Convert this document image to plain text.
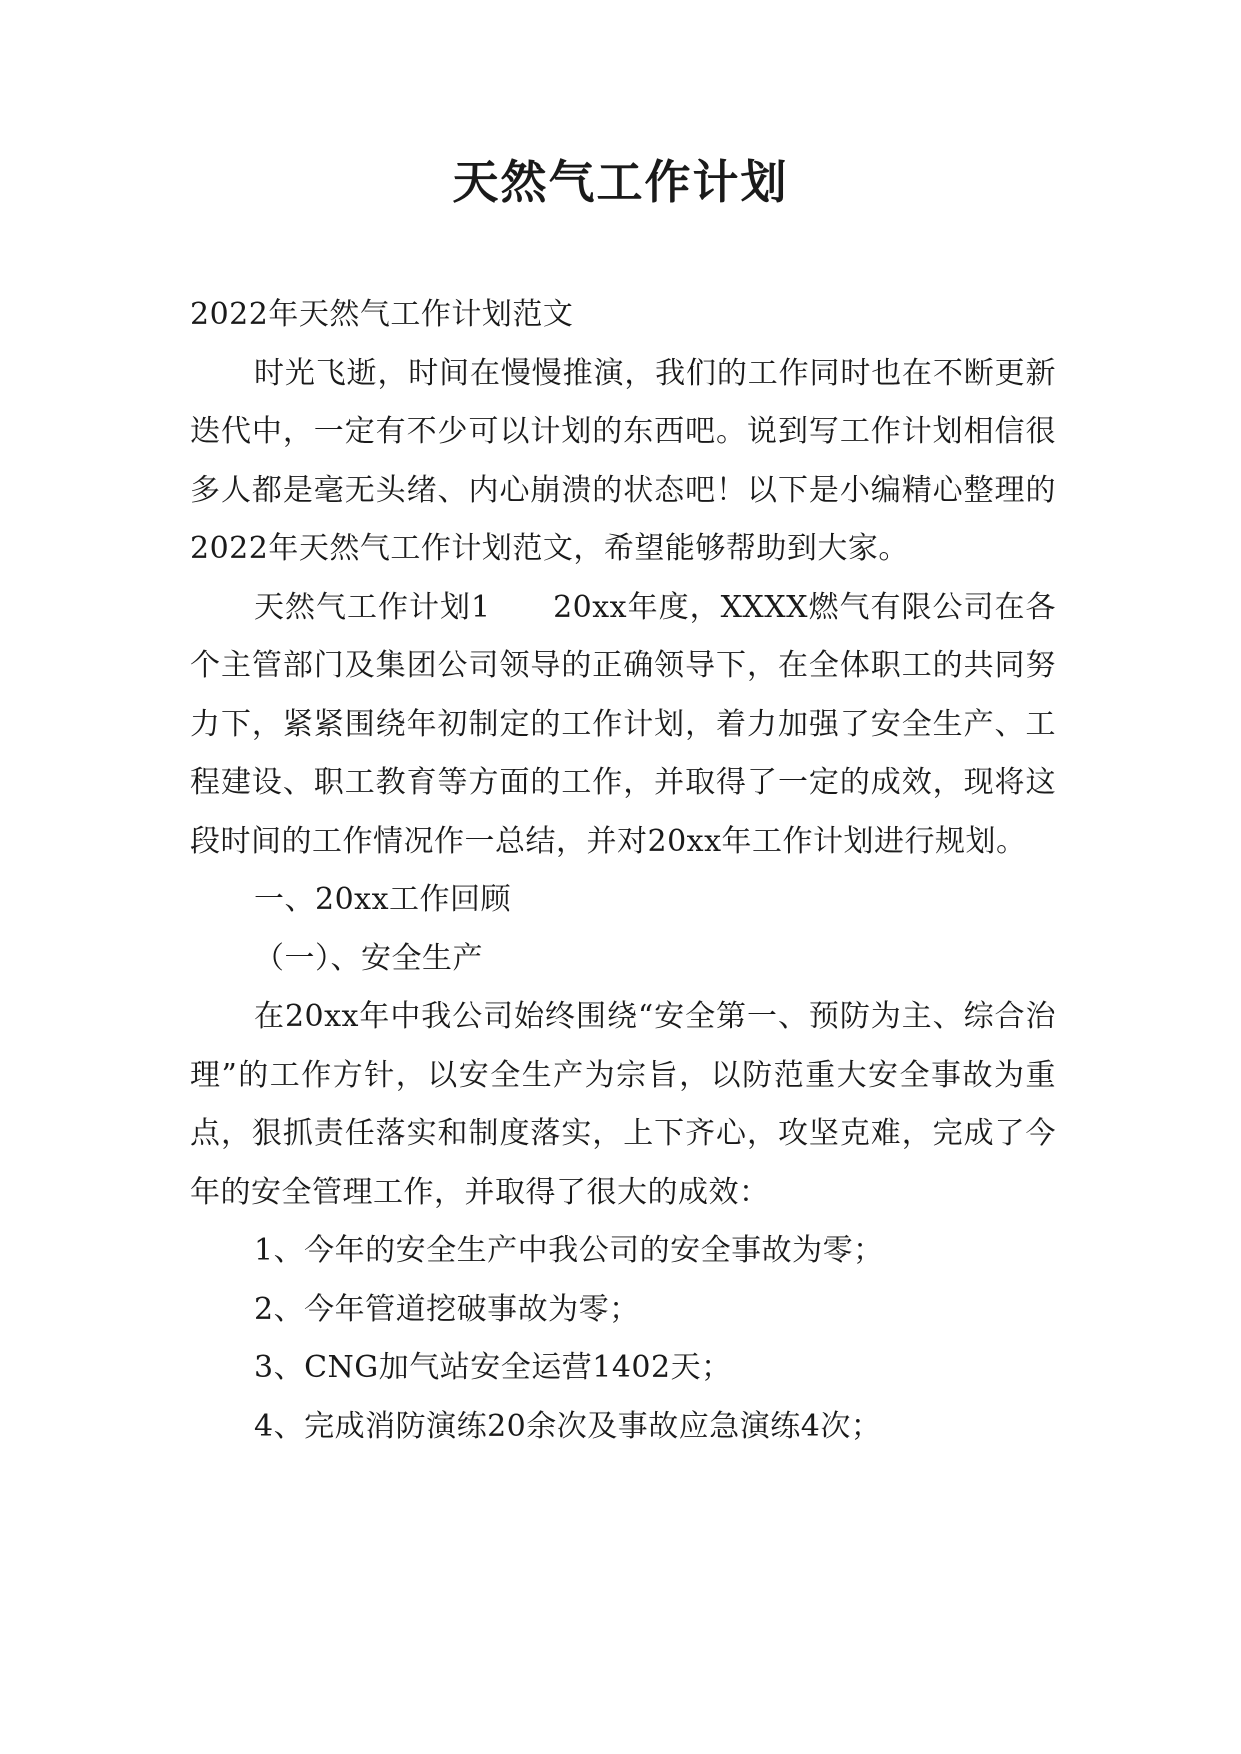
天然气工作计划

2022年天然气工作计划范文

时光飞逝，时间在慢慢推演，我们的工作同时也在不断更新迭代中，一定有不少可以计划的东西吧。说到写工作计划相信很多人都是毫无头绪、内心崩溃的状态吧！以下是小编精心整理的2022年天然气工作计划范文，希望能够帮助到大家。

天然气工作计划1　　20xx年度，XXXX燃气有限公司在各个主管部门及集团公司领导的正确领导下，在全体职工的共同努力下，紧紧围绕年初制定的工作计划，着力加强了安全生产、工程建设、职工教育等方面的工作，并取得了一定的成效，现将这段时间的工作情况作一总结，并对20xx年工作计划进行规划。

一、20xx工作回顾

（一）、安全生产

在20xx年中我公司始终围绕“安全第一、预防为主、综合治理”的工作方针，以安全生产为宗旨，以防范重大安全事故为重点，狠抓责任落实和制度落实，上下齐心，攻坚克难，完成了今年的安全管理工作，并取得了很大的成效：

1、今年的安全生产中我公司的安全事故为零；

2、今年管道挖破事故为零；

3、CNG加气站安全运营1402天；

4、完成消防演练20余次及事故应急演练4次；
